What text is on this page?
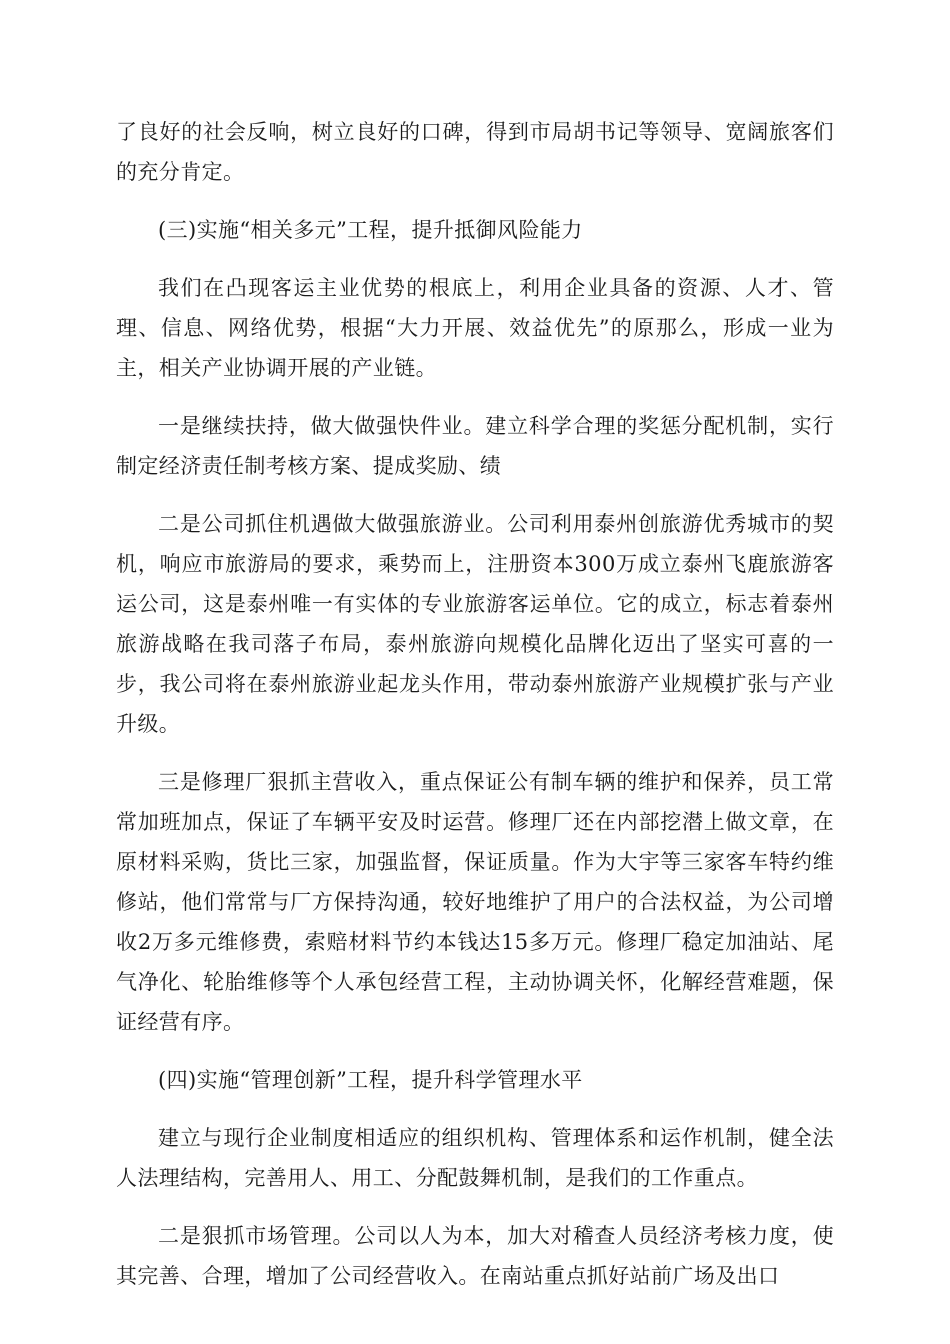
了良好的社会反响，树立良好的口碑，得到市局胡书记等领导、宽阔旅客们的充分肯定。

(三)实施“相关多元”工程，提升抵御风险能力

我们在凸现客运主业优势的根底上，利用企业具备的资源、人才、管理、信息、网络优势，根据“大力开展、效益优先”的原那么，形成一业为主，相关产业协调开展的产业链。

一是继续扶持，做大做强快件业。建立科学合理的奖惩分配机制，实行制定经济责任制考核方案、提成奖励、绩

二是公司抓住机遇做大做强旅游业。公司利用泰州创旅游优秀城市的契机，响应市旅游局的要求，乘势而上，注册资本300万成立泰州飞鹿旅游客运公司，这是泰州唯一有实体的专业旅游客运单位。它的成立，标志着泰州旅游战略在我司落子布局，泰州旅游向规模化品牌化迈出了坚实可喜的一步，我公司将在泰州旅游业起龙头作用，带动泰州旅游产业规模扩张与产业升级。

三是修理厂狠抓主营收入，重点保证公有制车辆的维护和保养，员工常常加班加点，保证了车辆平安及时运营。修理厂还在内部挖潜上做文章，在原材料采购，货比三家，加强监督，保证质量。作为大宇等三家客车特约维修站，他们常常与厂方保持沟通，较好地维护了用户的合法权益，为公司增收2万多元维修费，索赔材料节约本钱达15多万元。修理厂稳定加油站、尾气净化、轮胎维修等个人承包经营工程，主动协调关怀，化解经营难题，保证经营有序。

(四)实施“管理创新”工程，提升科学管理水平

建立与现行企业制度相适应的组织机构、管理体系和运作机制，健全法人法理结构，完善用人、用工、分配鼓舞机制，是我们的工作重点。

二是狠抓市场管理。公司以人为本，加大对稽查人员经济考核力度，使其完善、合理，增加了公司经营收入。在南站重点抓好站前广场及出口
